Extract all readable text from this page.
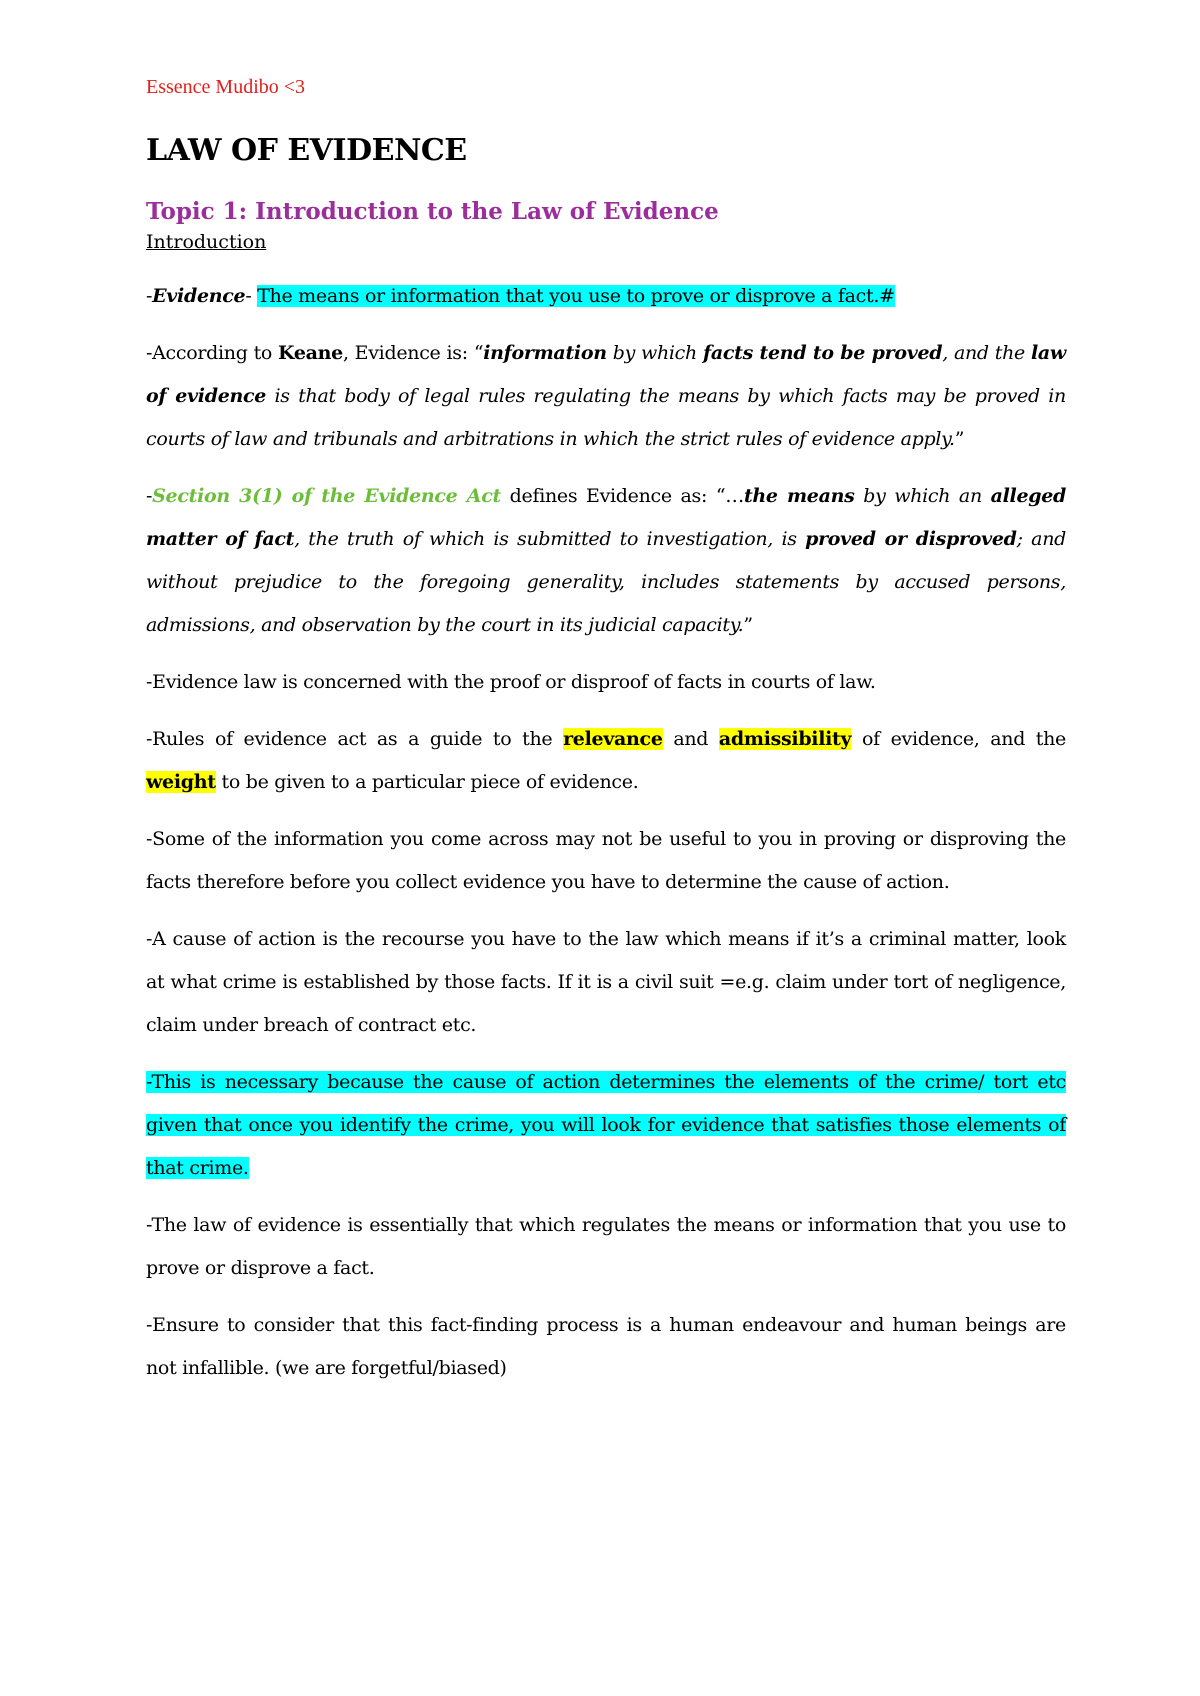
Essence Mudibo <3
LAW OF EVIDENCE
Topic 1: Introduction to the Law of Evidence
Introduction

-Evidence- The means or information that you use to prove or disprove a fact.#

-According to Keane, Evidence is: “information by which facts tend to be proved, and the law of evidence is that body of legal rules regulating the means by which facts may be proved in courts of law and tribunals and arbitrations in which the strict rules of evidence apply.”

-Section 3(1) of the Evidence Act defines Evidence as: “…the means by which an alleged matter of fact, the truth of which is submitted to investigation, is proved or disproved; and without prejudice to the foregoing generality, includes statements by accused persons, admissions, and observation by the court in its judicial capacity.”

-Evidence law is concerned with the proof or disproof of facts in courts of law.

-Rules of evidence act as a guide to the relevance and admissibility of evidence, and the weight to be given to a particular piece of evidence.

-Some of the information you come across may not be useful to you in proving or disproving the facts therefore before you collect evidence you have to determine the cause of action.

-A cause of action is the recourse you have to the law which means if it’s a criminal matter, look at what crime is established by those facts. If it is a civil suit =e.g. claim under tort of negligence, claim under breach of contract etc.

-This is necessary because the cause of action determines the elements of the crime/ tort etc given that once you identify the crime, you will look for evidence that satisfies those elements of that crime.

-The law of evidence is essentially that which regulates the means or information that you use to prove or disprove a fact.

-Ensure to consider that this fact-finding process is a human endeavour and human beings are not infallible. (we are forgetful/biased)
